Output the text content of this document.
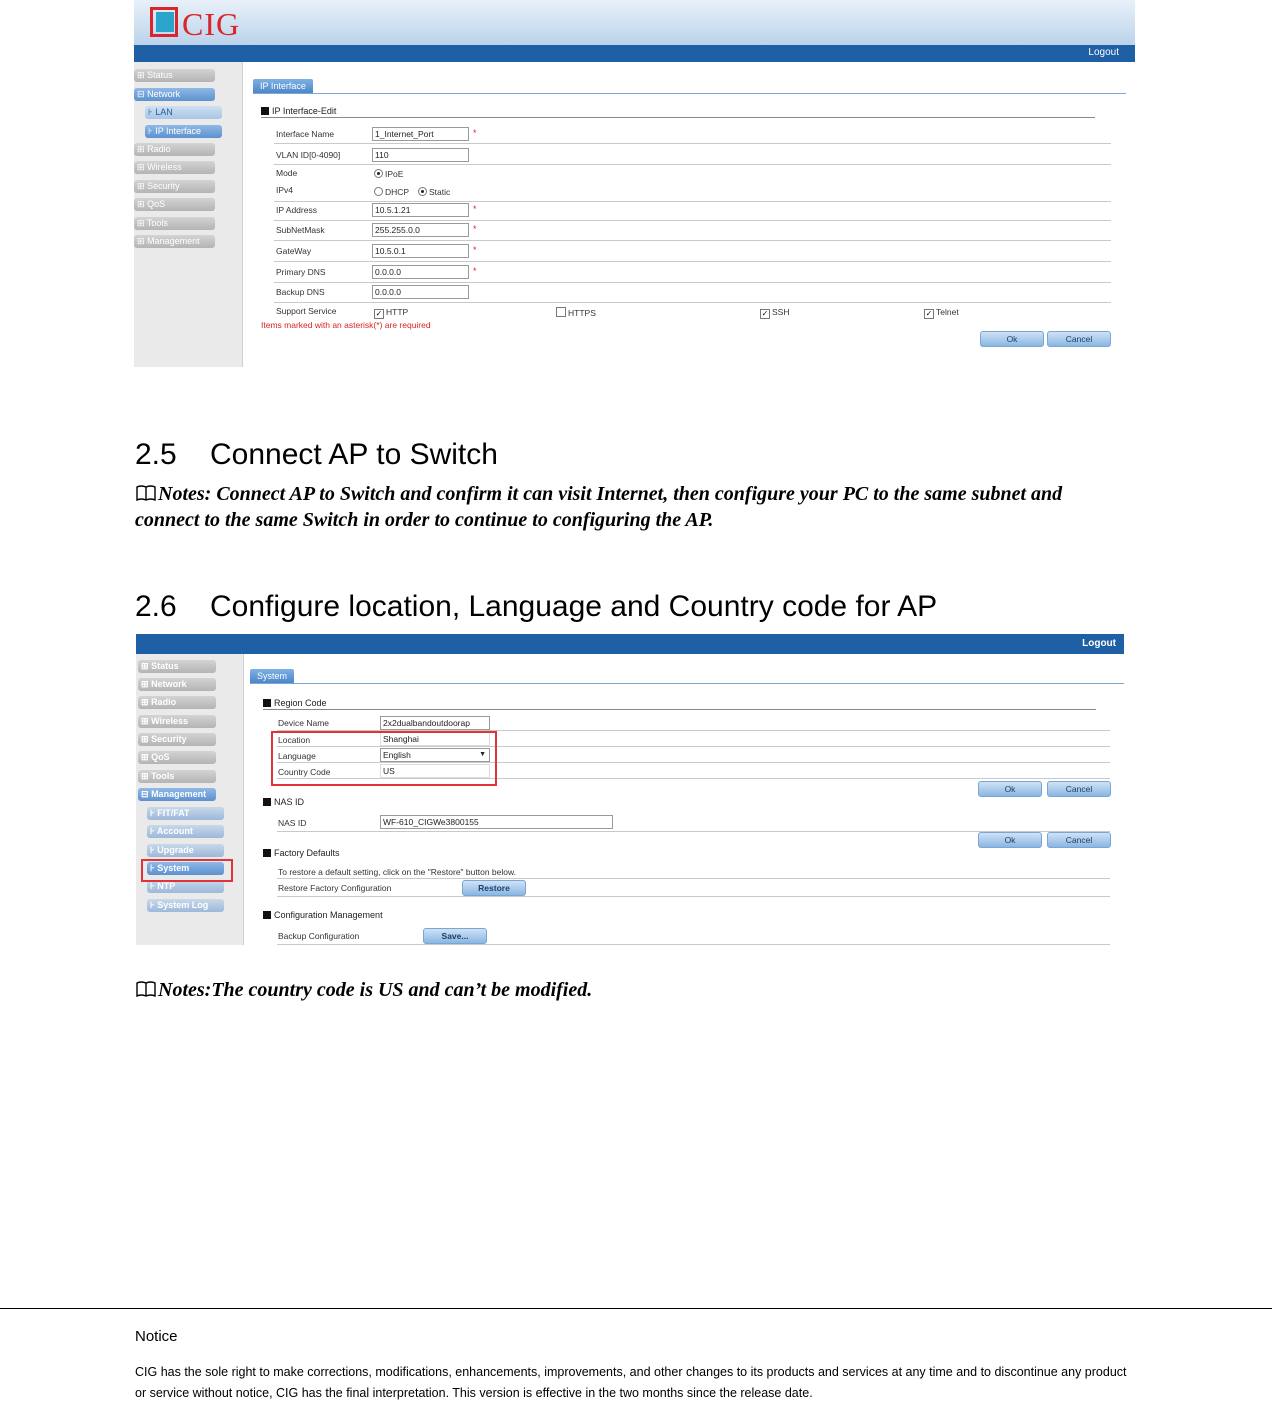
CIG
Logout
⊞ Status
⊟ Network
⊦ LAN
⊦ IP Interface
⊞ Radio
⊞ Wireless
⊞ Security
⊞ QoS
⊞ Tools
⊞ Management
IP Interface
IP Interface-Edit
Interface Name	1_Internet_Port	*
VLAN ID[0-4090]	110
Mode	IPoE
IPv4	DHCP	Static
IP Address	10.5.1.21	*
SubNetMask	255.255.0.0	*
GateWay	10.5.0.1	*
Primary DNS	0.0.0.0	*
Backup DNS	0.0.0.0
Support Service	✓ HTTP	HTTPS	✓ SSH	✓ Telnet
Items marked with an asterisk(*) are required
Ok	Cancel
2.5 Connect AP to Switch
Notes: Connect AP to Switch and confirm it can visit Internet, then configure your PC to the same subnet and connect to the same Switch in order to continue to configuring the AP.
2.6 Configure location, Language and Country code for AP
Logout
⊞ Status
⊞ Network
⊞ Radio
⊞ Wireless
⊞ Security
⊞ QoS
⊞ Tools
⊟ Management
⊦ FIT/FAT
⊦ Account
⊦ Upgrade
⊦ System
⊦ NTP
⊦ System Log
System
Region Code
Device Name	2x2dualbandoutdoorap
Location	Shanghai
Language	English	▼
Country Code	US
Ok	Cancel
NAS ID
NAS ID	WF-610_CIGWe3800155
Ok	Cancel
Factory Defaults
To restore a default setting, click on the "Restore" button below.
Restore Factory Configuration	Restore
Configuration Management
Backup Configuration	Save...
Notes:The country code is US and can’t be modified.
Notice
CIG has the sole right to make corrections, modifications, enhancements, improvements, and other changes to its products and services at any time and to discontinue any product or service without notice, CIG has the final interpretation. This version is effective in the two months since the release date.
